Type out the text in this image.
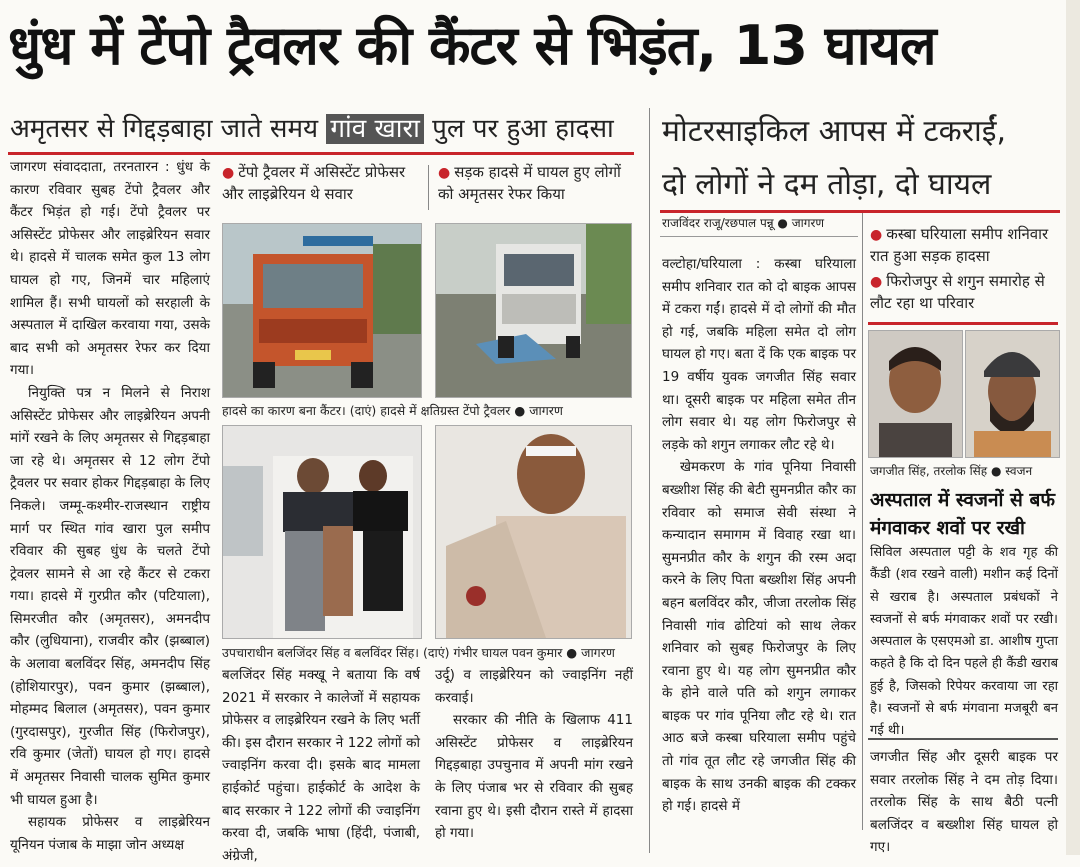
धुंध में टेंपो ट्रैवलर की कैंटर से भिड़ंत, 13 घायल
अमृतसर से गिद्दड़बाहा जाते समय गांव खारा पुल पर हुआ हादसा

जागरण संवाददाता, तरनतारन : धुंध के कारण रविवार सुबह टेंपो ट्रैवलर और कैंटर भिड़ंत हो गई। टेंपो ट्रैवलर पर असिस्टेंट प्रोफेसर और लाइब्रेरियन सवार थे। हादसे में चालक समेत कुल 13 लोग घायल हो गए, जिनमें चार महिलाएं शामिल हैं। सभी घायलों को सरहाली के अस्पताल में दाखिल करवाया गया, उसके बाद सभी को अमृतसर रेफर कर दिया गया।

नियुक्ति पत्र न मिलने से निराश असिस्टेंट प्रोफेसर और लाइब्रेरियन अपनी मांगें रखने के लिए अमृतसर से गिद्दड़बाहा जा रहे थे। अमृतसर से 12 लोग टेंपो ट्रैवलर पर सवार होकर गिद्दड़बाहा के लिए निकले। जम्मू-कश्मीर-राजस्थान राष्ट्रीय मार्ग पर स्थित गांव खारा पुल समीप रविवार की सुबह धुंध के चलते टेंपो ट्रेवलर सामने से आ रहे कैंटर से टकरा गया। हादसे में गुरप्रीत कौर (पटियाला), सिमरजीत कौर (अमृतसर), अमनदीप कौर (लुधियाना), राजवीर कौर (झब्बाल) के अलावा बलविंदर सिंह, अमनदीप सिंह (होशियारपुर), पवन कुमार (झब्बाल), मोहम्मद बिलाल (अमृतसर), पवन कुमार (गुरदासपुर), गुरजीत सिंह (फिरोजपुर), रवि कुमार (जेतों) घायल हो गए। हादसे में अमृतसर निवासी चालक सुमित कुमार भी घायल हुआ है।

सहायक प्रोफेसर व लाइब्रेरियन यूनियन पंजाब के माझा जोन अध्यक्ष

● टेंपो ट्रैवलर में असिस्टेंट प्रोफेसर और लाइब्रेरियन थे सवार
● सड़क हादसे में घायल हुए लोगों को अमृतसर रेफर किया
हादसे का कारण बना कैंटर। (दाएं) हादसे में क्षतिग्रस्त टेंपो ट्रैवलर ● जागरण
उपचाराधीन बलजिंदर सिंह व बलविंदर सिंह। (दाएं) गंभीर घायल पवन कुमार ● जागरण
बलजिंदर सिंह मक्खू ने बताया कि वर्ष 2021 में सरकार ने कालेजों में सहायक प्रोफेसर व लाइब्रेरियन रखने के लिए भर्ती की। इस दौरान सरकार ने 122 लोगों को ज्वाइनिंग करवा दी। इसके बाद मामला हाईकोर्ट पहुंचा। हाईकोर्ट के आदेश के बाद सरकार ने 122 लोगों की ज्वाइनिंग करवा दी, जबकि भाषा (हिंदी, पंजाबी, अंग्रेजी,

उर्दू) व लाइब्रेरियन को ज्वाइनिंग नहीं करवाई।

सरकार की नीति के खिलाफ 411 असिस्टेंट प्रोफेसर व लाइब्रेरियन गिद्दड़बाहा उपचुनाव में अपनी मांग रखने के लिए पंजाब भर से रविवार की सुबह रवाना हुए थे। इसी दौरान रास्ते में हादसा हो गया।

मोटरसाइकिल आपस में टकराईं,
दो लोगों ने दम तोड़ा, दो घायल
राजविंदर राजू/रछपाल पन्नू ● जागरण

वल्टोहा/घरियाला : कस्बा घरियाला समीप शनिवार रात को दो बाइक आपस में टकरा गईं। हादसे में दो लोगों की मौत हो गई, जबकि महिला समेत दो लोग घायल हो गए। बता दें कि एक बाइक पर 19 वर्षीय युवक जगजीत सिंह सवार था। दूसरी बाइक पर महिला समेत तीन लोग सवार थे। यह लोग फिरोजपुर से लड़के को शगुन लगाकर लौट रहे थे।

खेमकरण के गांव पूनिया निवासी बख्शीश सिंह की बेटी सुमनप्रीत कौर का रविवार को समाज सेवी संस्था ने कन्यादान समागम में विवाह रखा था। सुमनप्रीत कौर के शगुन की रस्म अदा करने के लिए पिता बख्शीश सिंह अपनी बहन बलविंदर कौर, जीजा तरलोक सिंह निवासी गांव ढोटियां को साथ लेकर शनिवार को सुबह फिरोजपुर के लिए रवाना हुए थे। यह लोग सुमनप्रीत कौर के होने वाले पति को शगुन लगाकर बाइक पर गांव पूनिया लौट रहे थे। रात आठ बजे कस्बा घरियाला समीप पहुंचे तो गांव तूत लौट रहे जगजीत सिंह की बाइक के साथ उनकी बाइक की टक्कर हो गई। हादसे में

● कस्बा घरियाला समीप शनिवार रात हुआ सड़क हादसा
● फिरोजपुर से शगुन समारोह से लौट रहा था परिवार
जगजीत सिंह, तरलोक सिंह ● स्वजन
अस्पताल में स्वजनों से बर्फ मंगवाकर शवों पर रखी
सिविल अस्पताल पट्टी के शव गृह की कैंडी (शव रखने वाली) मशीन कई दिनों से खराब है। अस्पताल प्रबंधकों ने स्वजनों से बर्फ मंगवाकर शवों पर रखी। अस्पताल के एसएमओ डा. आशीष गुप्ता कहते है कि दो दिन पहले ही कैंडी खराब हुई है, जिसको रिपेयर करवाया जा रहा है। स्वजनों से बर्फ मंगवाना मजबूरी बन गई थी।
जगजीत सिंह और दूसरी बाइक पर सवार तरलोक सिंह ने दम तोड़ दिया। तरलोक सिंह के साथ बैठी पत्नी बलजिंदर व बख्शीश सिंह घायल हो गए।
